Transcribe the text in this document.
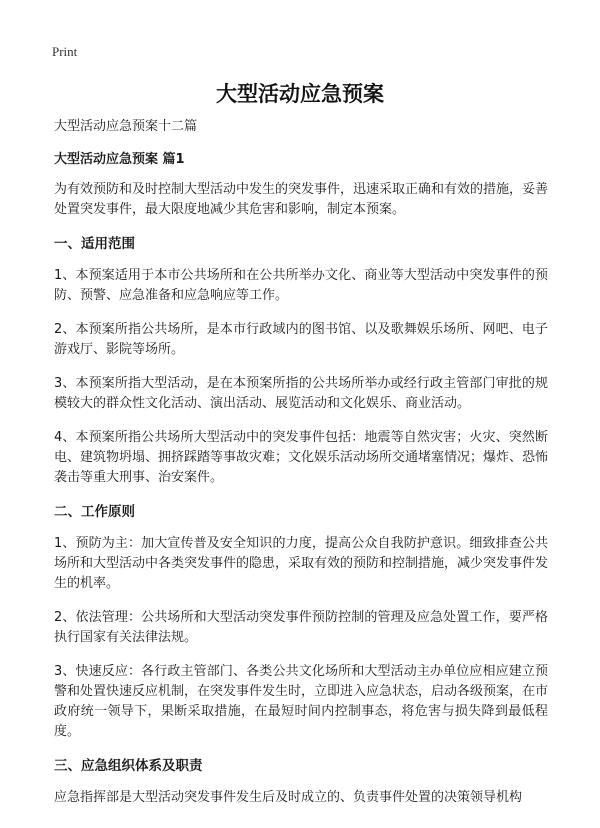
Print
大型活动应急预案

大型活动应急预案十二篇

大型活动应急预案 篇1

为有效预防和及时控制大型活动中发生的突发事件，迅速采取正确和有效的措施，妥善处置突发事件，最大限度地减少其危害和影响，制定本预案。

一、适用范围

1、本预案适用于本市公共场所和在公共所举办文化、商业等大型活动中突发事件的预防、预警、应急准备和应急响应等工作。

2、本预案所指公共场所，是本市行政域内的图书馆、以及歌舞娱乐场所、网吧、电子游戏厅、影院等场所。

3、本预案所指大型活动，是在本预案所指的公共场所举办或经行政主管部门审批的规模较大的群众性文化活动、演出活动、展览活动和文化娱乐、商业活动。

4、本预案所指公共场所大型活动中的突发事件包括：地震等自然灾害；火灾、突然断电、建筑物坍塌、拥挤踩踏等事故灾难；文化娱乐活动场所交通堵塞情况；爆炸、恐怖袭击等重大刑事、治安案件。

二、工作原则

1、预防为主：加大宣传普及安全知识的力度，提高公众自我防护意识。细致排查公共场所和大型活动中各类突发事件的隐患，采取有效的预防和控制措施，减少突发事件发生的机率。

2、依法管理：公共场所和大型活动突发事件预防控制的管理及应急处置工作，要严格执行国家有关法律法规。

3、快速反应：各行政主管部门、各类公共文化场所和大型活动主办单位应相应建立预警和处置快速反应机制，在突发事件发生时，立即进入应急状态，启动各级预案，在市政府统一领导下，果断采取措施，在最短时间内控制事态，将危害与损失降到最低程度。

三、应急组织体系及职责

应急指挥部是大型活动突发事件发生后及时成立的、负责事件处置的决策领导机构
